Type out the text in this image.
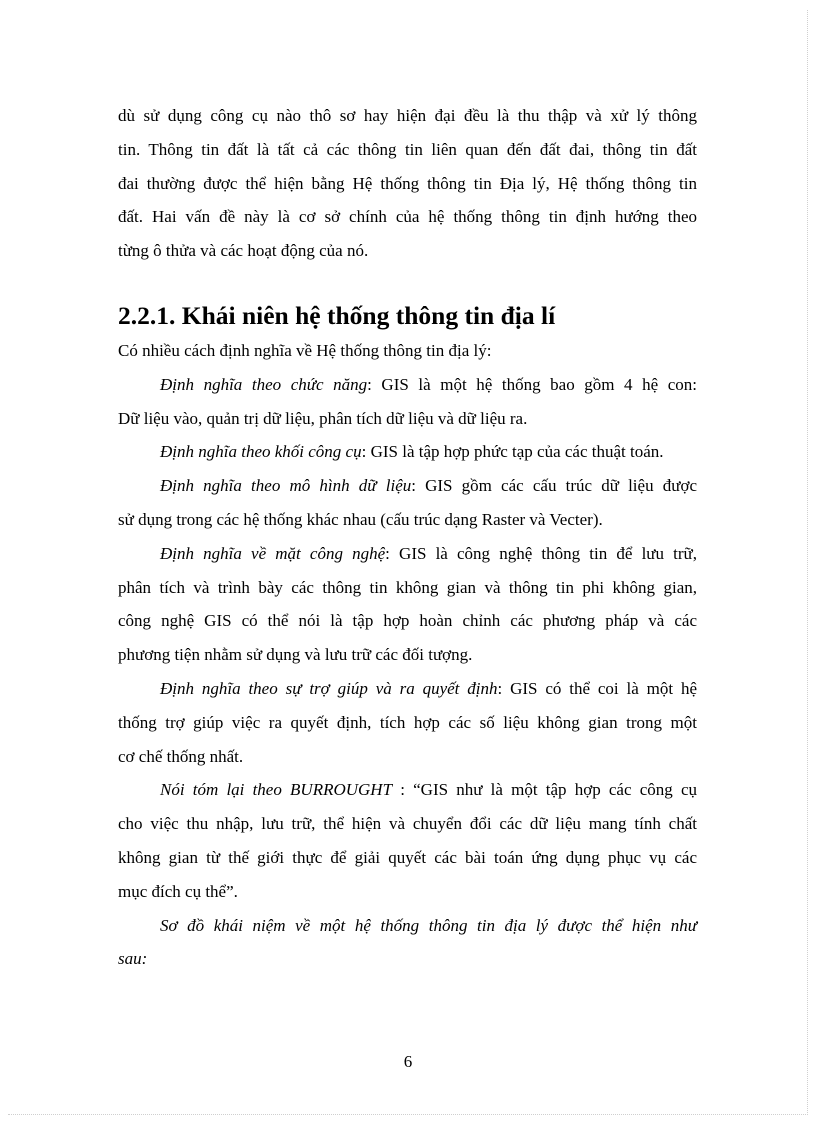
dù sử dụng công cụ nào thô sơ hay hiện đại đều là thu thập và xử lý thông
tin. Thông tin đất là tất cả các thông tin liên quan đến đất đai, thông tin đất
đai thường được thể hiện bằng Hệ thống thông tin Địa lý, Hệ thống thông tin
đất. Hai vấn đề này là cơ sở chính của hệ thống thông tin định hướng theo
từng ô thửa và các hoạt động của nó.

2.2.1. Khái niên hệ thống thông tin địa lí

Có nhiều cách định nghĩa về Hệ thống thông tin địa lý:

Định nghĩa theo chức năng: GIS là một hệ thống bao gồm 4 hệ con:
Dữ liệu vào, quản trị dữ liệu, phân tích dữ liệu và dữ liệu ra.

Định nghĩa theo khối công cụ: GIS là tập hợp phức tạp của các thuật toán.

Định nghĩa theo mô hình dữ liệu: GIS gồm các cấu trúc dữ liệu được
sử dụng trong các hệ thống khác nhau (cấu trúc dạng Raster và Vecter).

Định nghĩa về mặt công nghệ: GIS là công nghệ thông tin để lưu trữ,
phân tích và trình bày các thông tin không gian và thông tin phi không gian,
công nghệ GIS có thể nói là tập hợp hoàn chỉnh các phương pháp và các
phương tiện nhằm sử dụng và lưu trữ các đối tượng.

Định nghĩa theo sự trợ giúp và ra quyết định: GIS có thể coi là một hệ
thống trợ giúp việc ra quyết định, tích hợp các số liệu không gian trong một
cơ chế thống nhất.

Nói tóm lại theo BURROUGHT : “GIS như là một tập hợp các công cụ
cho việc thu nhập, lưu trữ, thể hiện và chuyển đổi các dữ liệu mang tính chất
không gian từ thế giới thực để giải quyết các bài toán ứng dụng phục vụ các
mục đích cụ thể”.

Sơ đồ khái niệm về một hệ thống thông tin địa lý được thể hiện như
sau:

6
